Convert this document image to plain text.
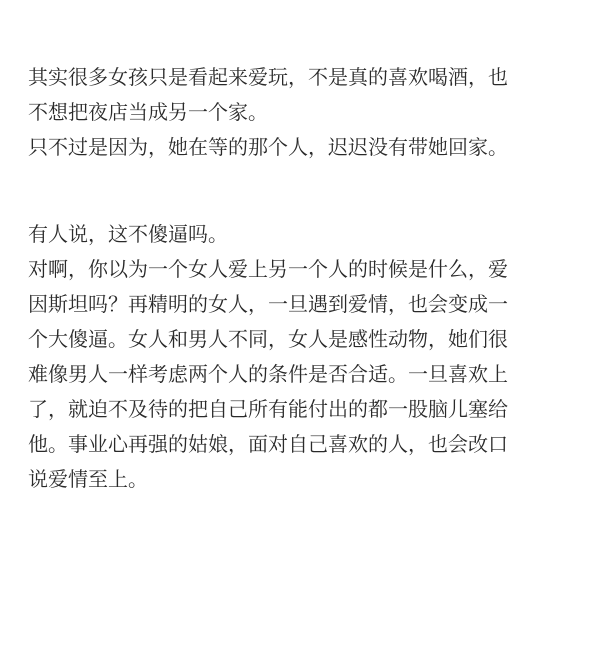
其实很多女孩只是看起来爱玩，不是真的喜欢喝酒，也
不想把夜店当成另一个家。
只不过是因为，她在等的那个人，迟迟没有带她回家。
有人说，这不傻逼吗。
对啊，你以为一个女人爱上另一个人的时候是什么，爱
因斯坦吗？再精明的女人，一旦遇到爱情，也会变成一
个大傻逼。女人和男人不同，女人是感性动物，她们很
难像男人一样考虑两个人的条件是否合适。一旦喜欢上
了，就迫不及待的把自己所有能付出的都一股脑儿塞给
他。事业心再强的姑娘，面对自己喜欢的人，也会改口
说爱情至上。
